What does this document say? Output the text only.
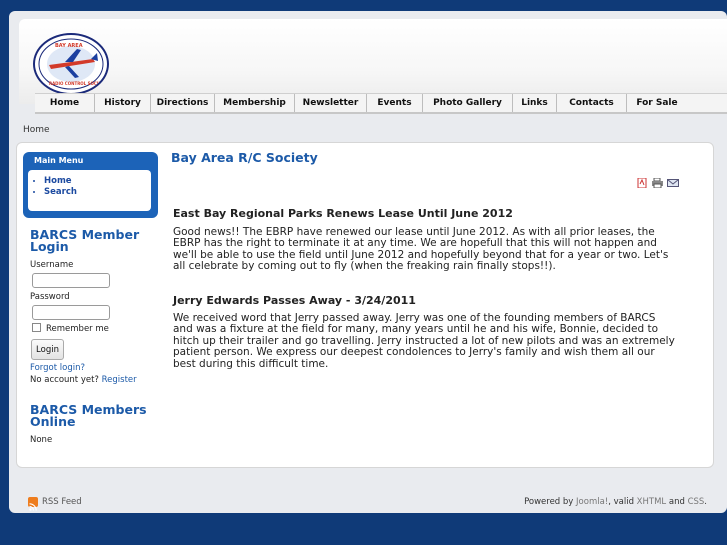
BAY AREA
RADIO CONTROL SOCIETY
Home	History	Directions	Membership	Newsletter	Events	Photo Gallery	Links	Contacts	For Sale
Home
Main Menu
• Home
• Search
BARCS Member
Login
Username
Password
Remember me
Login
Forgot login?
No account yet? Register
BARCS Members
Online
None
Bay Area R/C Society
East Bay Regional Parks Renews Lease Until June 2012
Good news!! The EBRP have renewed our lease until June 2012. As with all prior leases, the
EBRP has the right to terminate it at any time. We are hopefull that this will not happen and
we'll be able to use the field until June 2012 and hopefully beyond that for a year or two. Let's
all celebrate by coming out to fly (when the freaking rain finally stops!!).
Jerry Edwards Passes Away - 3/24/2011
We received word that Jerry passed away. Jerry was one of the founding members of BARCS
and was a fixture at the field for many, many years until he and his wife, Bonnie, decided to
hitch up their trailer and go travelling. Jerry instructed a lot of new pilots and was an extremely
patient person. We express our deepest condolences to Jerry's family and wish them all our
best during this difficult time.
RSS Feed	Powered by Joomla!, valid XHTML and CSS.
